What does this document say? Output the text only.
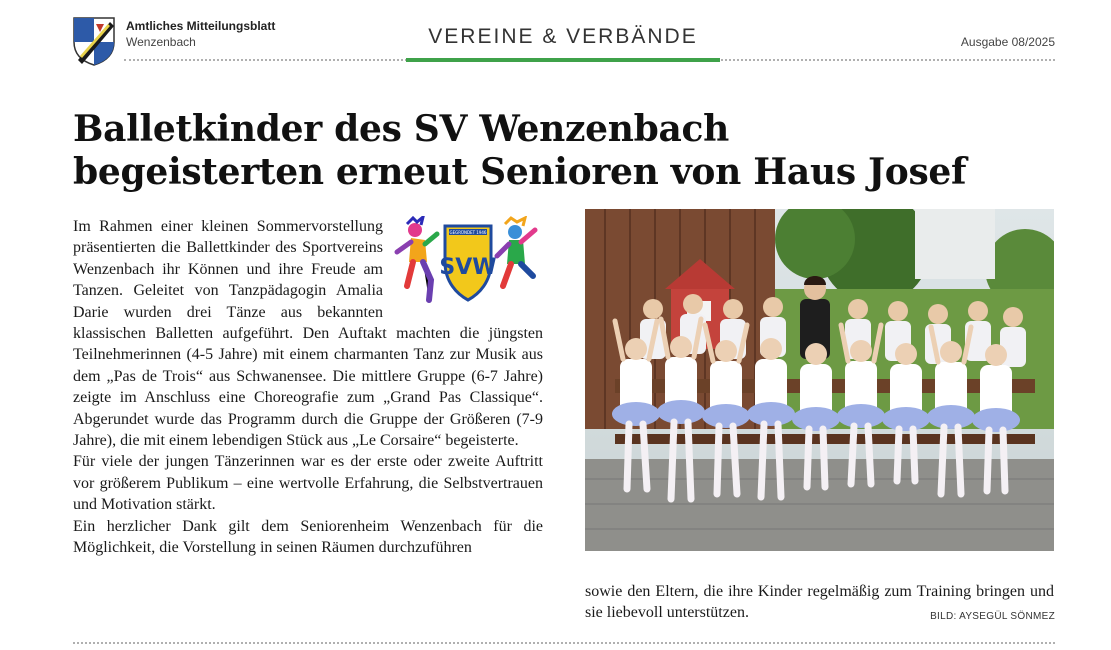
Amtliches Mitteilungsblatt
Wenzenbach	VEREINE & VERBÄNDE	Ausgabe 08/2025
Balletkinder des SV Wenzenbach
begeisterten erneut Senioren von Haus Josef
GEGRÜNDET 1946
SVW

Im Rahmen einer kleinen Sommervorstellung präsentierten die Ballettkinder des Sportvereins Wenzenbach ihr Können und ihre Freude am Tanzen. Geleitet von Tanzpädagogin Amalia Darie wurden drei Tänze aus bekannten klassischen Balletten aufgeführt. Den Auftakt machten die jüngsten Teilnehmerinnen (4-5 Jahre) mit einem charmanten Tanz zur Musik aus dem „Pas de Trois“ aus Schwanensee. Die mittlere Gruppe (6-7 Jahre) zeigte im Anschluss eine Choreografie zum „Grand Pas Classique“. Abgerundet wurde das Programm durch die Gruppe der Größeren (7-9 Jahre), die mit einem lebendigen Stück aus „Le Corsaire“ begeisterte.

Für viele der jungen Tänzerinnen war es der erste oder zweite Auftritt vor größerem Publikum – eine wertvolle Erfahrung, die Selbstvertrauen und Motivation stärkt.

Ein herzlicher Dank gilt dem Seniorenheim Wenzenbach für die Möglichkeit, die Vorstellung in seinen Räumen durchzuführen

sowie den Eltern, die ihre Kinder regelmäßig zum Training bringen und sie liebevoll unterstützen.	BILD: AYSEGÜL SÖNMEZ
